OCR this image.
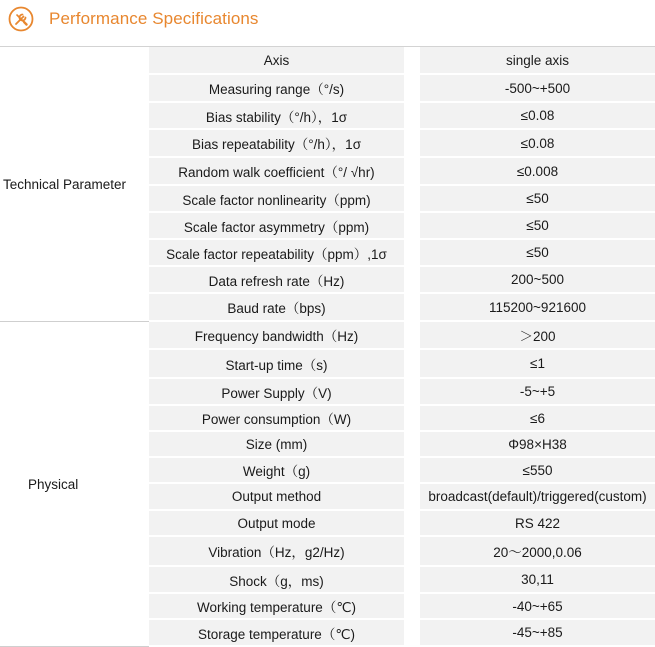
Performance Specifications
Technical Parameter	Axis		single axis
	Measuring range（°/s)		-500~+500
	Bias stability（°/h），1σ		≤0.08
	Bias repeatability（°/h），1σ		≤0.08
	Random walk coefficient（°/ √hr)		≤0.008
	Scale factor nonlinearity（ppm)		≤50
	Scale factor asymmetry（ppm)		≤50
	Scale factor repeatability（ppm）,1σ		≤50
	Data refresh rate（Hz)		200~500
	Baud rate（bps)		115200~921600

Physical	Frequency bandwidth（Hz)		＞200
	Start-up time（s)		≤1
	Power Supply（V)		-5~+5
	Power consumption（W)		≤6
	Size (mm)		Φ98×H38
	Weight（g)		≤550
	Output method		broadcast(default)/triggered(custom)
	Output mode		RS 422
	Vibration（Hz，g2/Hz)		20～2000,0.06
	Shock（g，ms)		30,11
	Working temperature（℃)		-40~+65
	Storage temperature（℃)		-45~+85
